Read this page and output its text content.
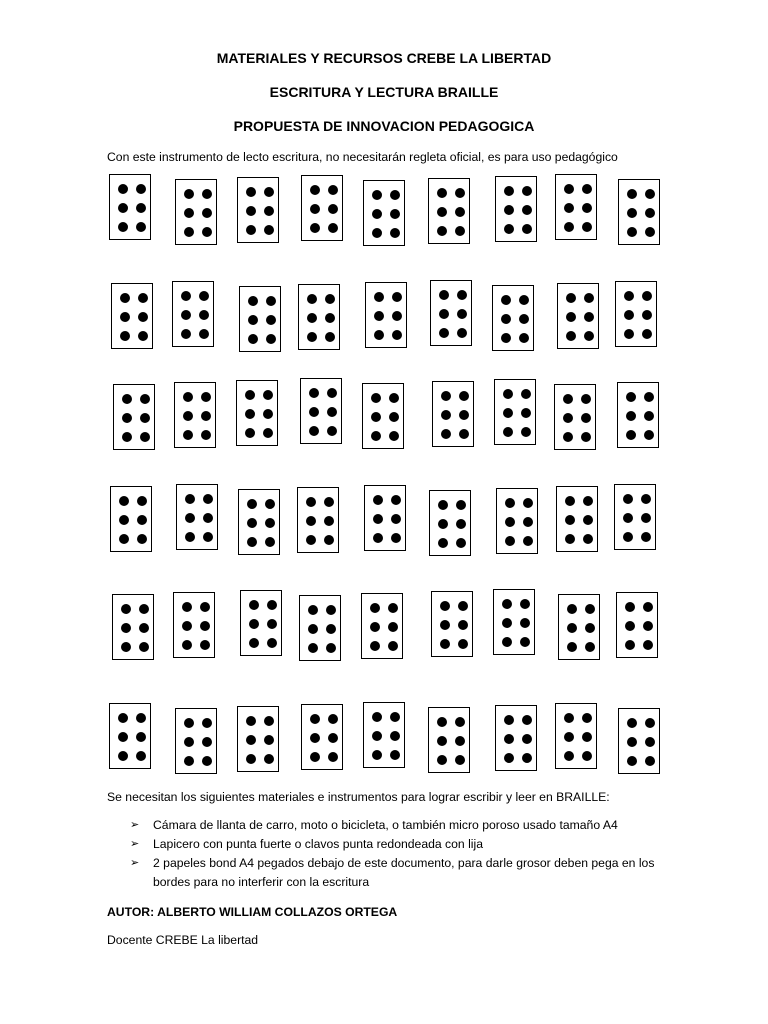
MATERIALES Y RECURSOS CREBE LA LIBERTAD
ESCRITURA Y LECTURA BRAILLE
PROPUESTA DE INNOVACION PEDAGOGICA
Con este instrumento de lecto escritura, no necesitarán regleta oficial, es para uso pedagógico
Se necesitan los siguientes materiales e instrumentos para lograr escribir y leer en BRAILLE:
➢ Cámara de llanta de carro, moto o bicicleta, o también micro poroso usado tamaño A4
➢ Lapicero con punta fuerte o clavos punta redondeada con lija
➢ 2 papeles bond A4 pegados debajo de este documento, para darle grosor deben pega en los bordes para no interferir con la escritura
AUTOR: ALBERTO WILLIAM COLLAZOS ORTEGA
Docente CREBE La libertad
